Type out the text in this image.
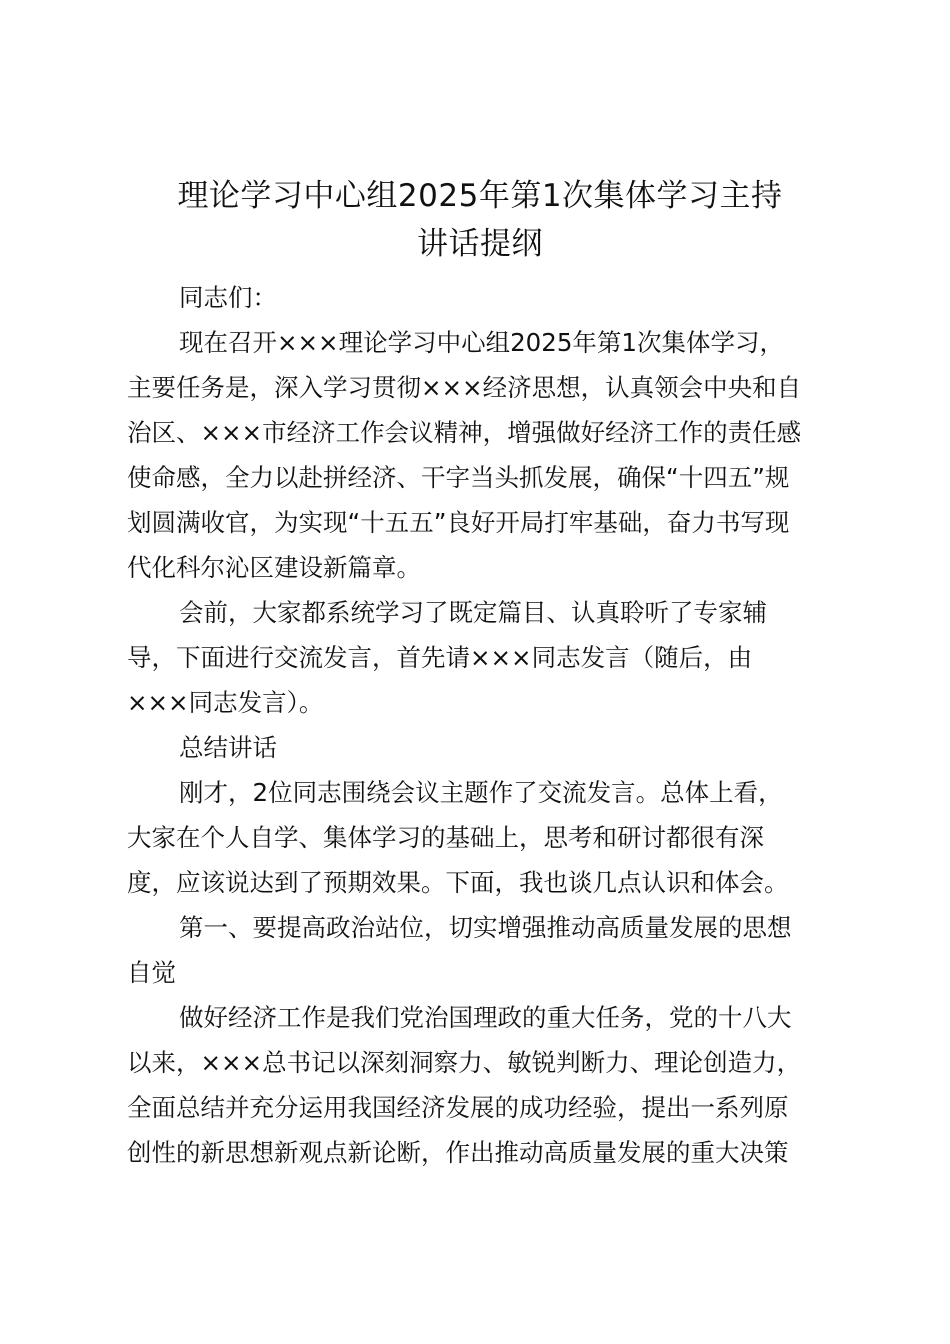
理论学习中心组2025年第1次集体学习主持
讲话提纲
同志们：
现在召开×××理论学习中心组2025年第1次集体学习，
主要任务是，深入学习贯彻×××经济思想，认真领会中央和自
治区、×××市经济工作会议精神，增强做好经济工作的责任感
使命感，全力以赴拼经济、干字当头抓发展，确保“十四五”规
划圆满收官，为实现“十五五”良好开局打牢基础，奋力书写现
代化科尔沁区建设新篇章。
会前，大家都系统学习了既定篇目、认真聆听了专家辅
导，下面进行交流发言，首先请×××同志发言（随后，由
×××同志发言）。
总结讲话
刚才，2位同志围绕会议主题作了交流发言。总体上看，
大家在个人自学、集体学习的基础上，思考和研讨都很有深
度，应该说达到了预期效果。下面，我也谈几点认识和体会。
第一、要提高政治站位，切实增强推动高质量发展的思想
自觉
做好经济工作是我们党治国理政的重大任务，党的十八大
以来，×××总书记以深刻洞察力、敏锐判断力、理论创造力，
全面总结并充分运用我国经济发展的成功经验，提出一系列原
创性的新思想新观点新论断，作出推动高质量发展的重大决策
